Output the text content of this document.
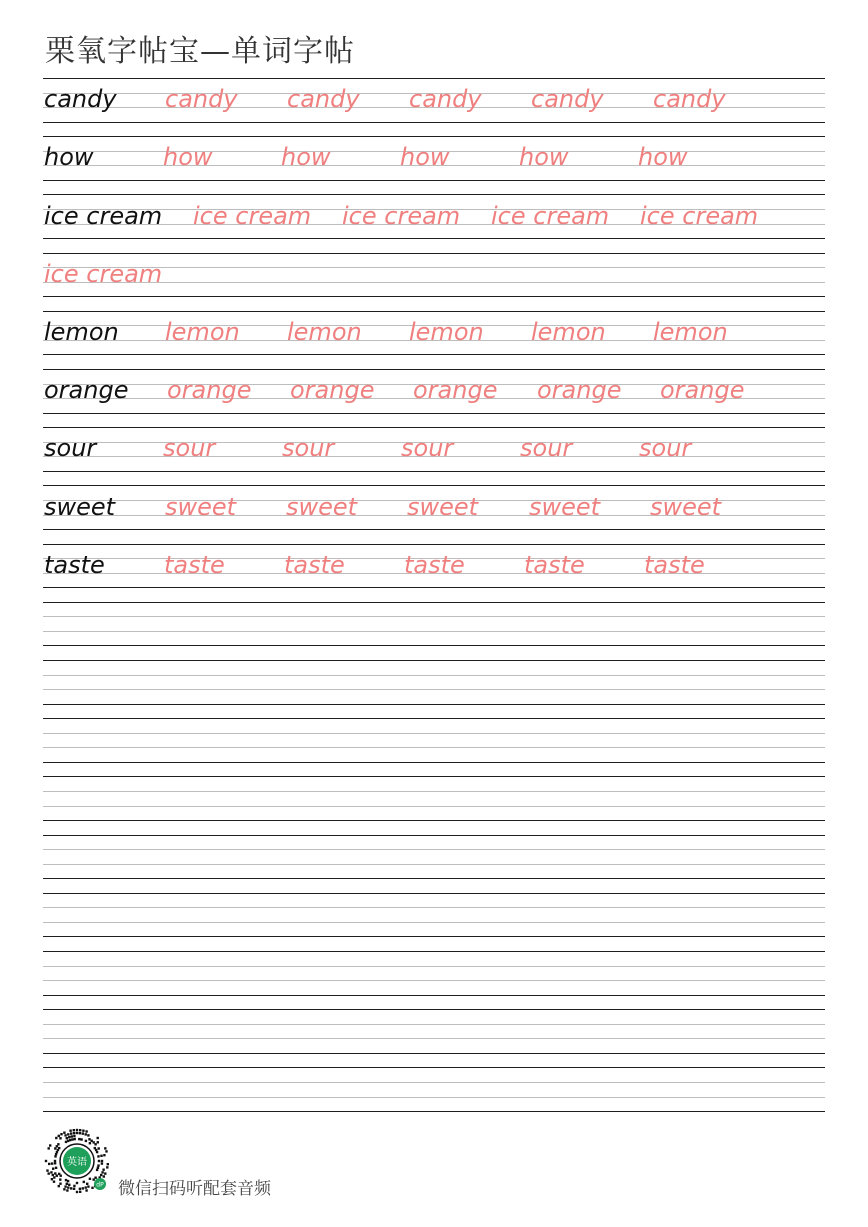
栗氧字帖宝—单词字帖
candy candy candy candy candy candy
how	how	how	how	how	how
ice cream ice cream ice cream ice cream ice cream
ice cream
lemon lemon lemon lemon lemon lemon
orange orange orange orange orange orange
sour	sour	sour	sour	sour	sour
sweet sweet sweet sweet sweet sweet
taste taste taste taste taste taste
英语
dP 微信扫码听配套音频
